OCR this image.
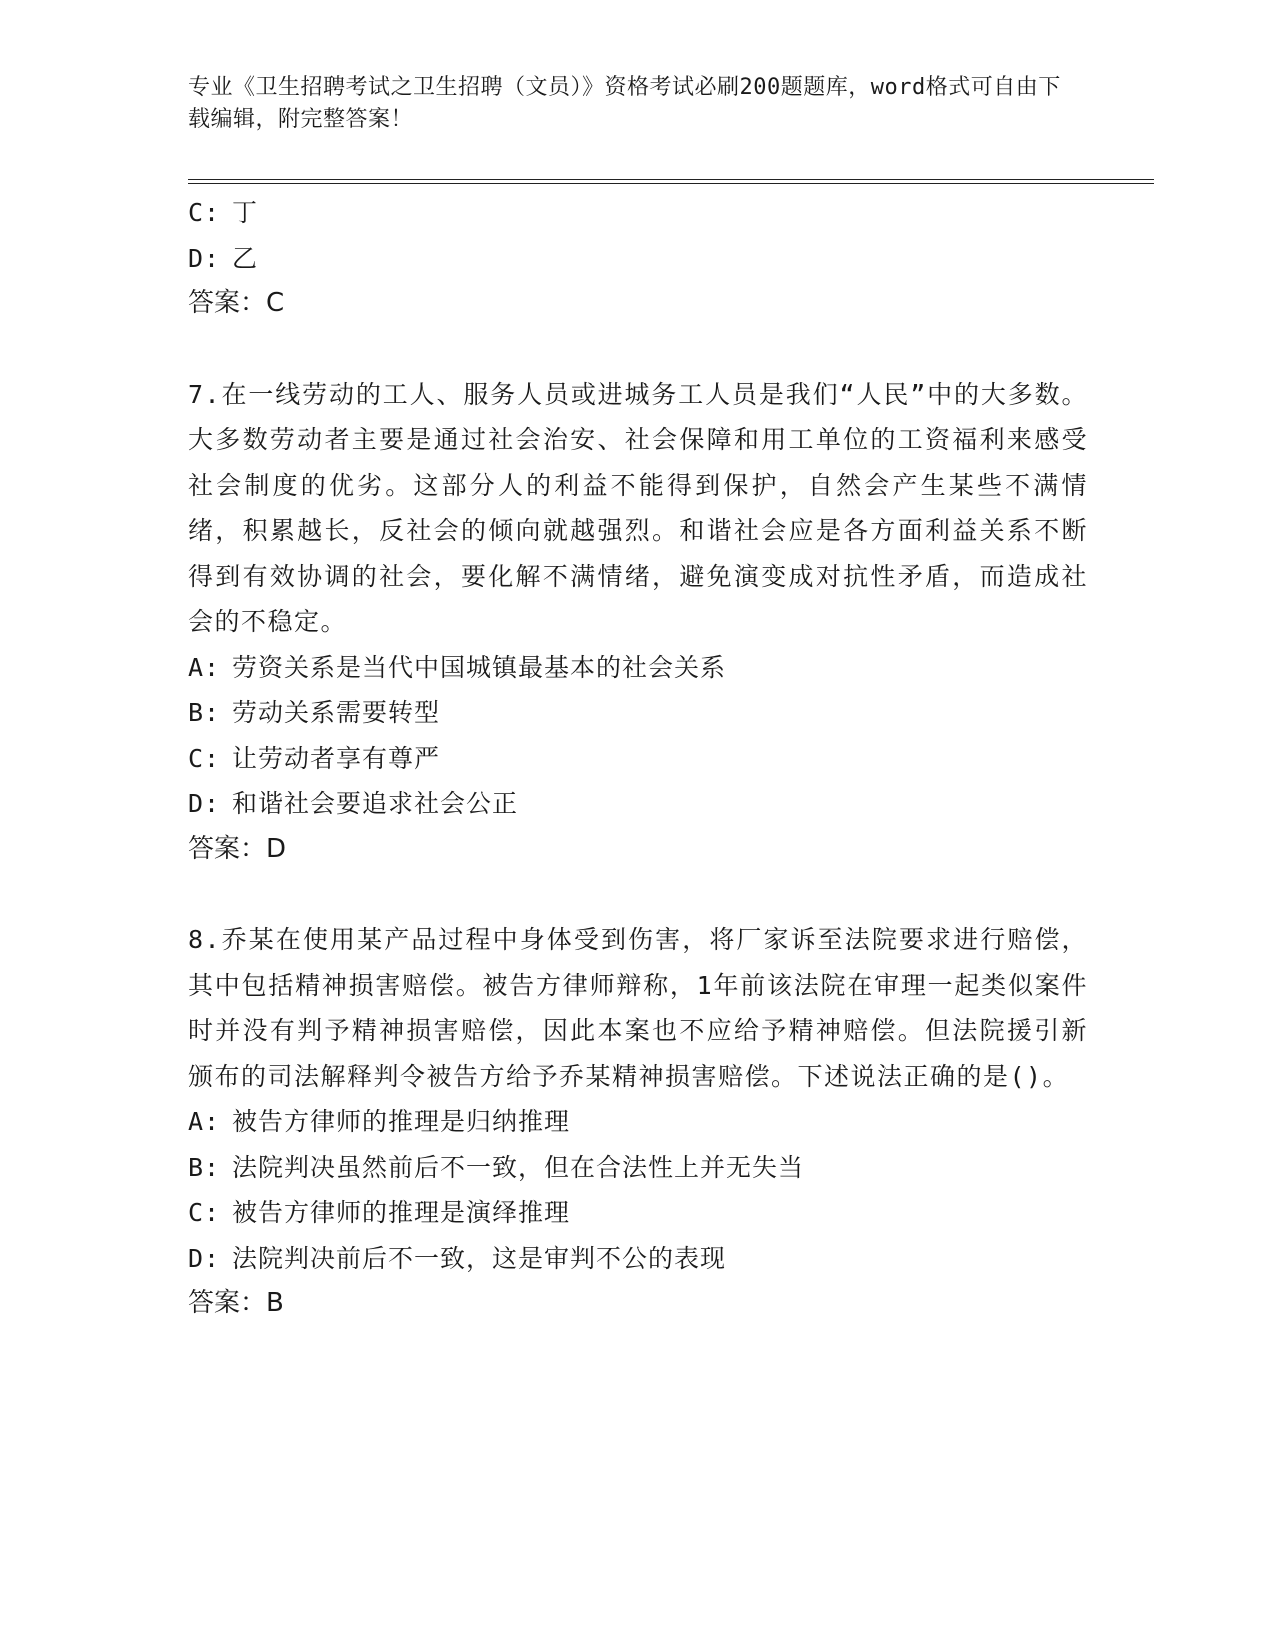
专业《卫生招聘考试之卫生招聘（文员）》资格考试必刷200题题库，word格式可自由下载编辑，附完整答案！
C: 丁
D: 乙
答案：C
7.在一线劳动的工人、服务人员或进城务工人员是我们“人民”中的大多数。大多数劳动者主要是通过社会治安、社会保障和用工单位的工资福利来感受社会制度的优劣。这部分人的利益不能得到保护，自然会产生某些不满情绪，积累越长，反社会的倾向就越强烈。和谐社会应是各方面利益关系不断得到有效协调的社会，要化解不满情绪，避免演变成对抗性矛盾，而造成社会的不稳定。
A: 劳资关系是当代中国城镇最基本的社会关系
B: 劳动关系需要转型
C: 让劳动者享有尊严
D: 和谐社会要追求社会公正
答案：D
8.乔某在使用某产品过程中身体受到伤害，将厂家诉至法院要求进行赔偿，其中包括精神损害赔偿。被告方律师辩称，1年前该法院在审理一起类似案件时并没有判予精神损害赔偿，因此本案也不应给予精神赔偿。但法院援引新颁布的司法解释判令被告方给予乔某精神损害赔偿。下述说法正确的是()。
A: 被告方律师的推理是归纳推理
B: 法院判决虽然前后不一致，但在合法性上并无失当
C: 被告方律师的推理是演绎推理
D: 法院判决前后不一致，这是审判不公的表现
答案：B
